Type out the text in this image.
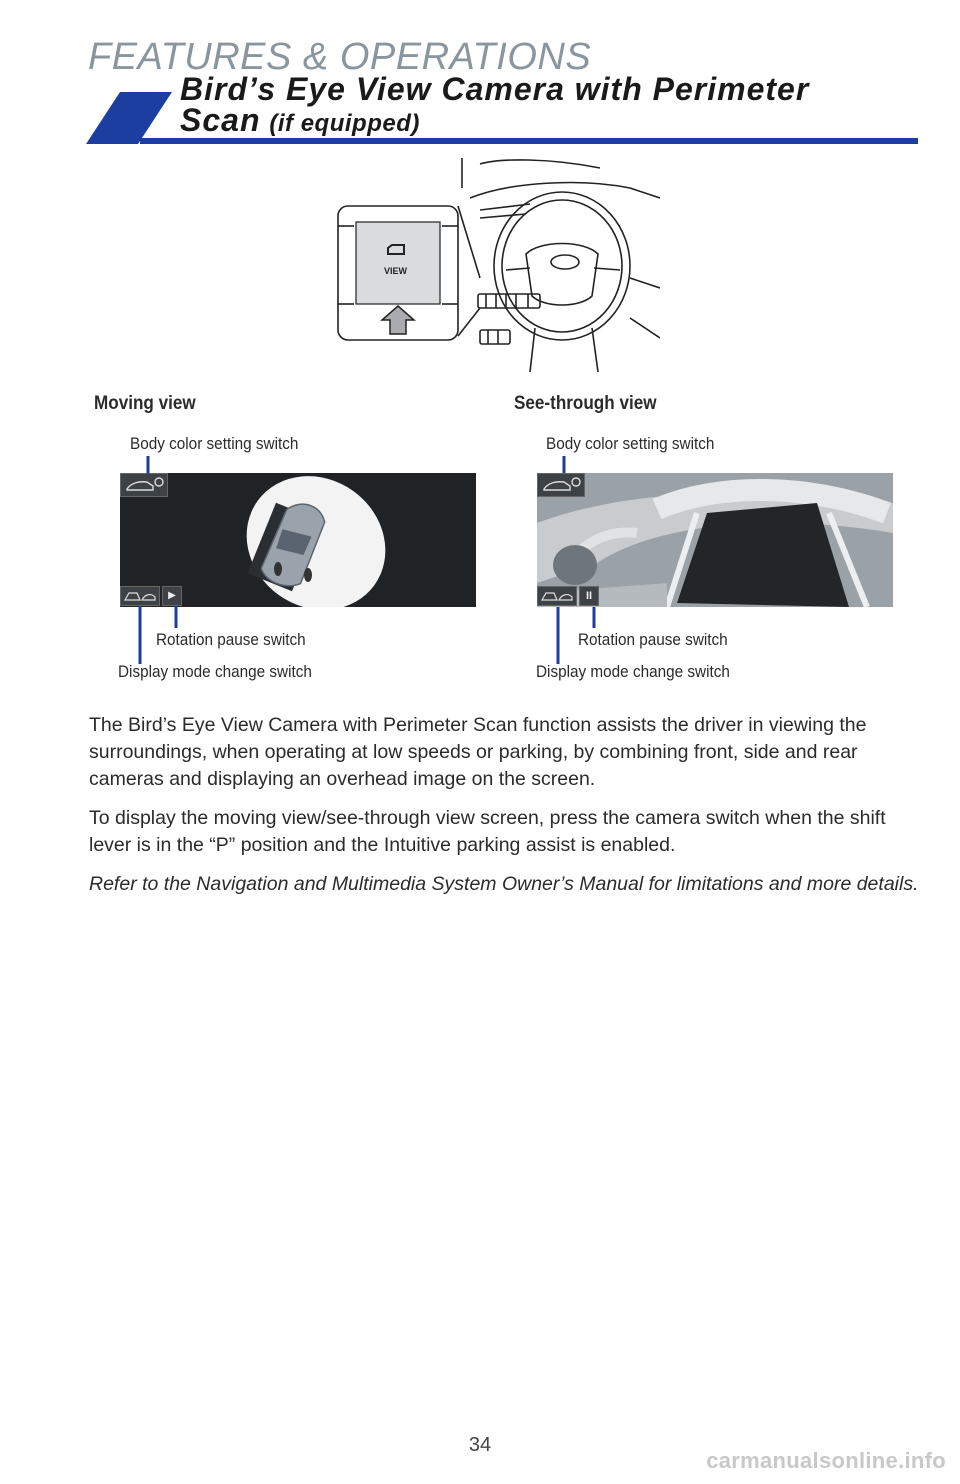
FEATURES & OPERATIONS
Bird’s Eye View Camera with Perimeter
Scan (if equipped)
VIEW
Moving view
Body color setting switch
▶
Rotation pause switch
Display mode change switch
See-through view
Body color setting switch
II
Rotation pause switch
Display mode change switch

The Bird’s Eye View Camera with Perimeter Scan function assists the driver in viewing the surroundings, when operating at low speeds or parking, by combining front, side and rear cameras and displaying an overhead image on the screen.

To display the moving view/see-through view screen, press the camera switch when the shift lever is in the “P” position and the Intuitive parking assist is enabled.

Refer to the Navigation and Multimedia System Owner’s Manual for limitations and more details.

34
carmanualsonline.info
